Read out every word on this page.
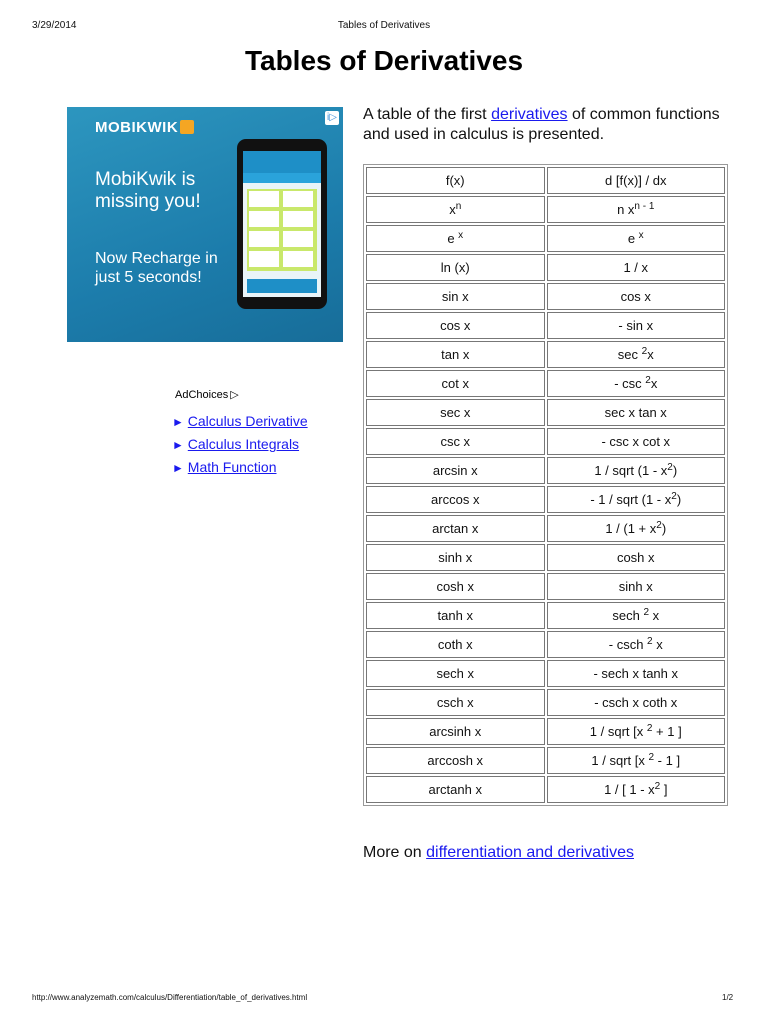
3/29/2014	Tables of Derivatives
Tables of Derivatives
i▷
MOBIKWIK
MobiKwik is missing you!
Now Recharge in just 5 seconds!
AdChoices ▷
► Calculus Derivative
► Calculus Integrals
► Math Function

A table of the first derivatives of common functions and used in calculus is presented.

f(x)	d [f(x)] / dx
$x^n$	n $x^{n - 1}$
e $^x$	e $^x$
ln (x)	1 / x
sin x	cos x
cos x	- sin x
tan x	sec $^2$x
cot x	- csc $^2$x
sec x	sec x tan x
csc x	- csc x cot x
arcsin x	1 / sqrt $(1 - x^2)$
arccos x	- 1 / sqrt $(1 - x^2)$
arctan x	$1 / (1 + x^2)$
sinh x	cosh x
cosh x	sinh x
tanh x	sech $^2$ x
coth x	- csch $^2$ x
sech x	- sech x tanh x
csch x	- csch x coth x
arcsinh x	1 / sqrt [x $^2$ + 1 ]
arccosh x	1 / sqrt [x $^2$ - 1 ]
arctanh x	1 / [ $1 - x^2$ ]

More on differentiation and derivatives

http://www.analyzemath.com/calculus/Differentiation/table_of_derivatives.html	1/2
